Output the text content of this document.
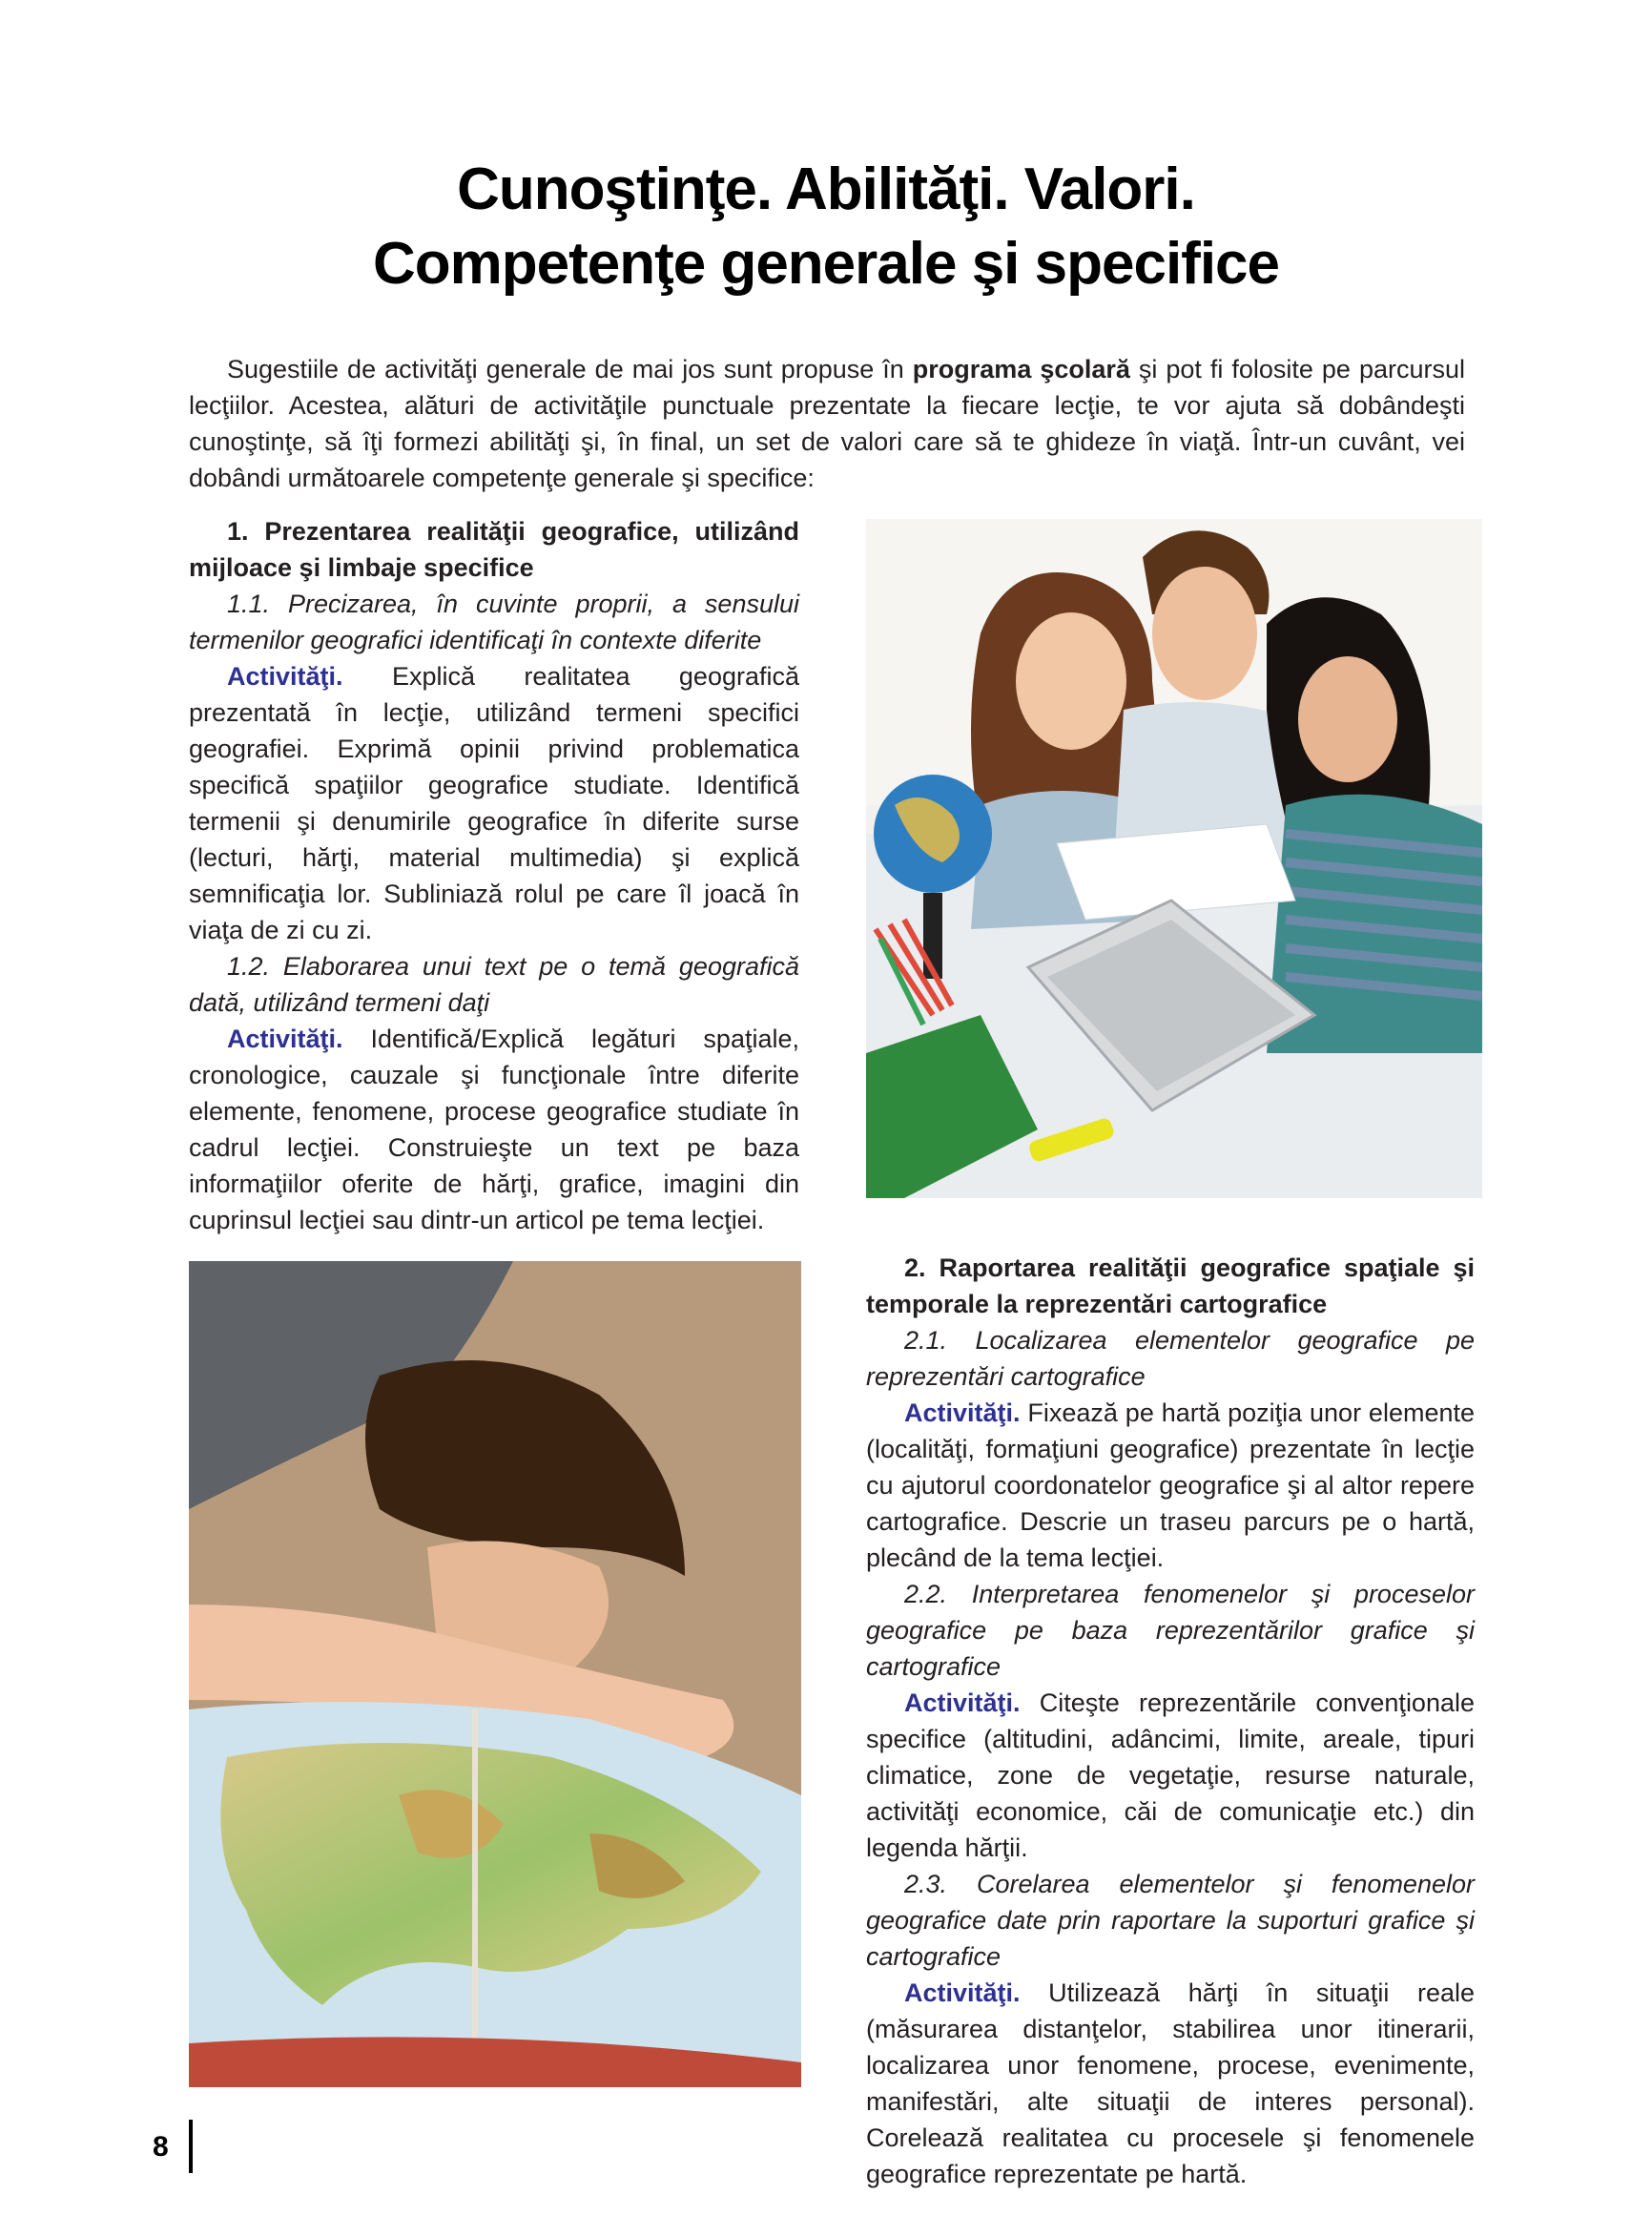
Cunoştinţe. Abilităţi. Valori.
Competenţe generale şi specifice

Sugestiile de activităţi generale de mai jos sunt propuse în programa şcolară şi pot fi folosite pe parcursul lecţiilor. Acestea, alături de activităţile punctuale prezentate la fiecare lecţie, te vor ajuta să dobândeşti cunoştinţe, să îţi formezi abilităţi şi, în final, un set de valori care să te ghideze în viaţă. Într-un cuvânt, vei dobândi următoarele competenţe generale şi specifice:

1. Prezentarea realităţii geografice, utilizând mijloace şi limbaje specifice

1.1. Precizarea, în cuvinte proprii, a sensului termenilor geografici identificaţi în contexte diferite

Activităţi. Explică realitatea geografică prezentată în lecţie, utilizând termeni specifici geografiei. Exprimă opinii privind problematica specifică spaţiilor geografice studiate. Identifică termenii şi denumirile geografice în diferite surse (lecturi, hărţi, material multimedia) şi explică semnificaţia lor. Subliniază rolul pe care îl joacă în viaţa de zi cu zi.

1.2. Elaborarea unui text pe o temă geografică dată, utilizând termeni daţi

Activităţi. Identifică/Explică legături spaţiale, cronologice, cauzale şi funcţionale între diferite elemente, fenomene, procese geografice studiate în cadrul lecţiei. Construieşte un text pe baza informaţiilor oferite de hărţi, grafice, imagini din cuprinsul lecţiei sau dintr-un articol pe tema lecţiei.

2. Raportarea realităţii geografice spaţiale şi temporale la reprezentări cartografice

2.1. Localizarea elementelor geografice pe reprezentări cartografice

Activităţi. Fixează pe hartă poziţia unor elemente (localităţi, formaţiuni geografice) prezentate în lecţie cu ajutorul coordonatelor geografice şi al altor repere cartografice. Descrie un traseu parcurs pe o hartă, plecând de la tema lecţiei.

2.2. Interpretarea fenomenelor şi proceselor geografice pe baza reprezentărilor grafice şi cartografice

Activităţi. Citeşte reprezentările convenţionale specifice (altitudini, adâncimi, limite, areale, tipuri climatice, zone de vegetaţie, resurse naturale, activităţi economice, căi de comunicaţie etc.) din legenda hărţii.

2.3. Corelarea elementelor şi fenomenelor geografice date prin raportare la suporturi grafice şi cartografice

Activităţi. Utilizează hărţi în situaţii reale (măsurarea distanţelor, stabilirea unor itinerarii, localizarea unor fenomene, procese, evenimente, manifestări, alte situaţii de interes personal). Corelează realitatea cu procesele şi fenomenele geografice reprezentate pe hartă.

8
